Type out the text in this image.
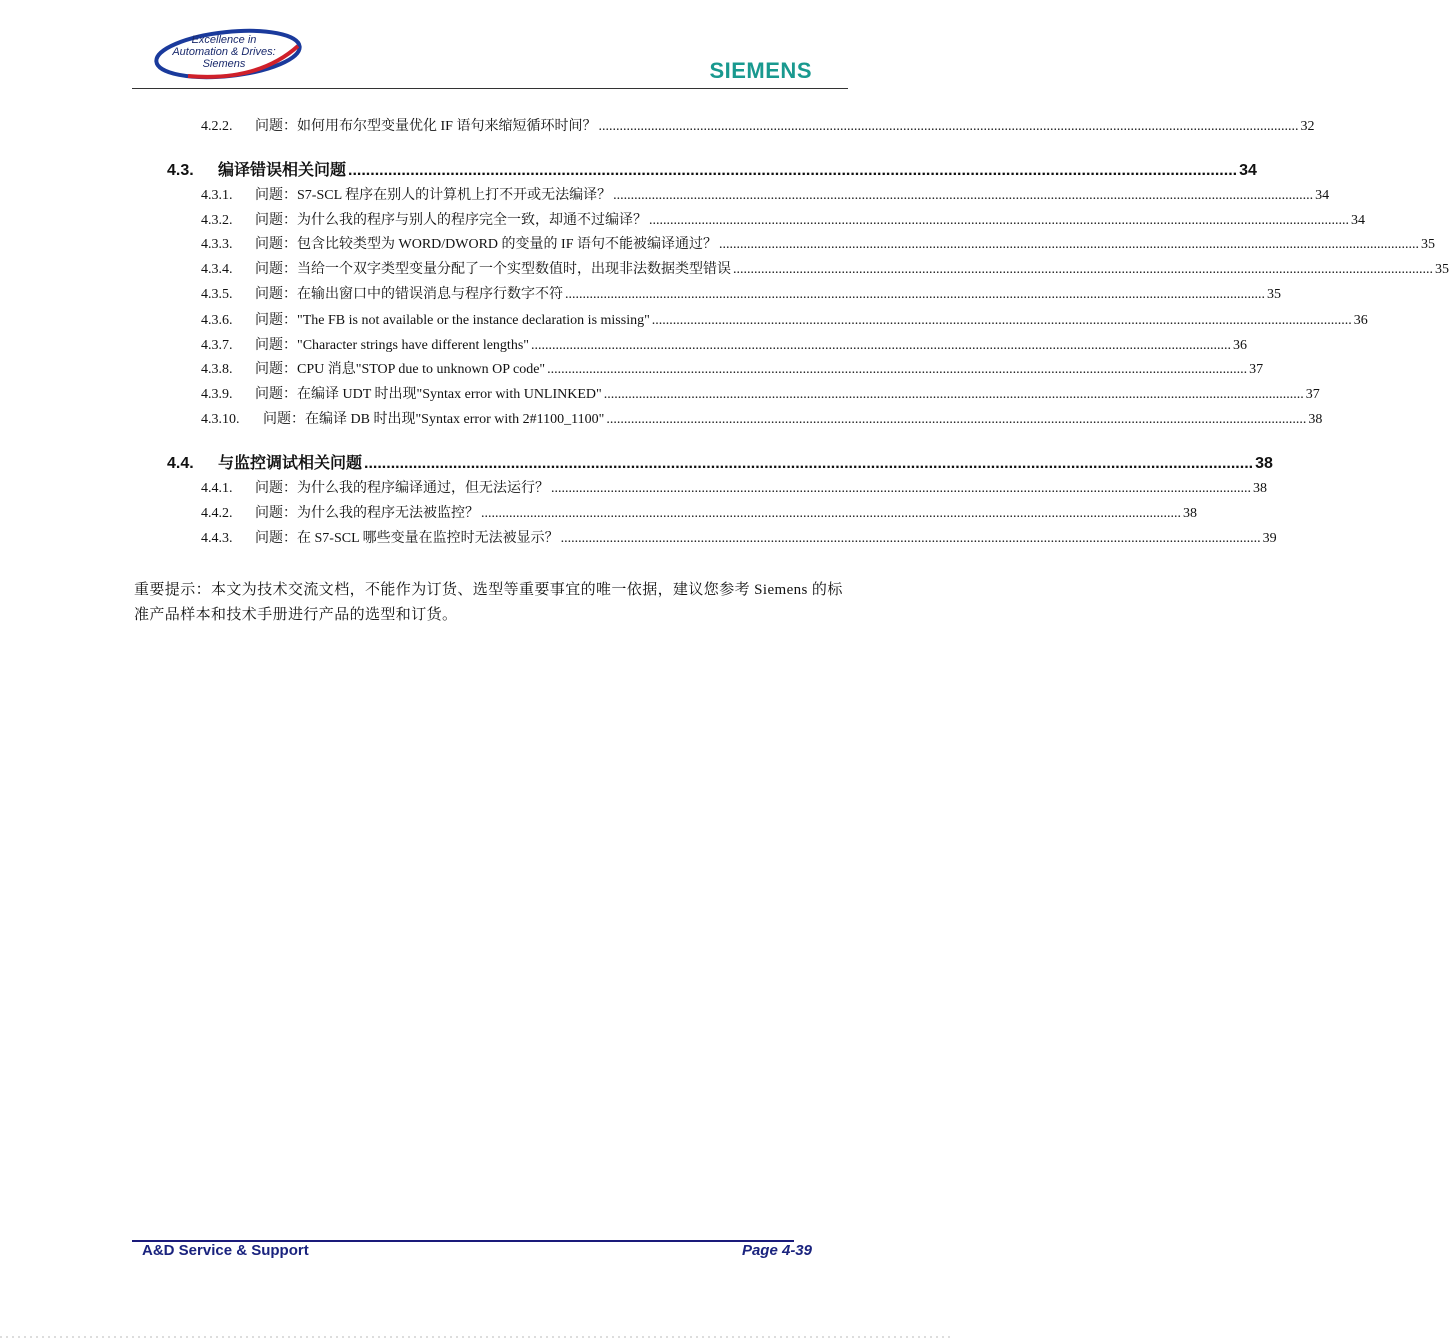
Excellence in
Automation & Drives:
Siemens	SIEMENS
4.2.2.	问题：如何用布尔型变量优化 IF 语句来缩短循环时间？ .....	32
4.3.	编译错误相关问题 .....	34
4.3.1.	问题：S7-SCL 程序在别人的计算机上打不开或无法编译？ .....	34
4.3.2.	问题：为什么我的程序与别人的程序完全一致，却通不过编译？ .....	34
4.3.3.	问题：包含比较类型为 WORD/DWORD 的变量的 IF 语句不能被编译通过？ .....	35
4.3.4.	问题：当给一个双字类型变量分配了一个实型数值时，出现非法数据类型错误 .....	35
4.3.5.	问题：在输出窗口中的错误消息与程序行数字不符 .....	35
4.3.6.	问题："The FB is not available or the instance declaration is missing" .....	36
4.3.7.	问题："Character strings have different lengths" .....	36
4.3.8.	问题：CPU 消息"STOP due to unknown OP code" .....	37
4.3.9.	问题：在编译 UDT 时出现"Syntax error with UNLINKED" .....	37
4.3.10.	问题：在编译 DB 时出现"Syntax error with 2#1100_1100" .....	38
4.4.	与监控调试相关问题 .....	38
4.4.1.	问题：为什么我的程序编译通过，但无法运行？ .....	38
4.4.2.	问题：为什么我的程序无法被监控？ .....	38
4.4.3.	问题：在 S7-SCL 哪些变量在监控时无法被显示？ .....	39
重要提示：本文为技术交流文档，不能作为订货、选型等重要事宜的唯一依据，建议您参考 Siemens 的标准产品样本和技术手册进行产品的选型和订货。
A&D Service & Support	Page 4-39
